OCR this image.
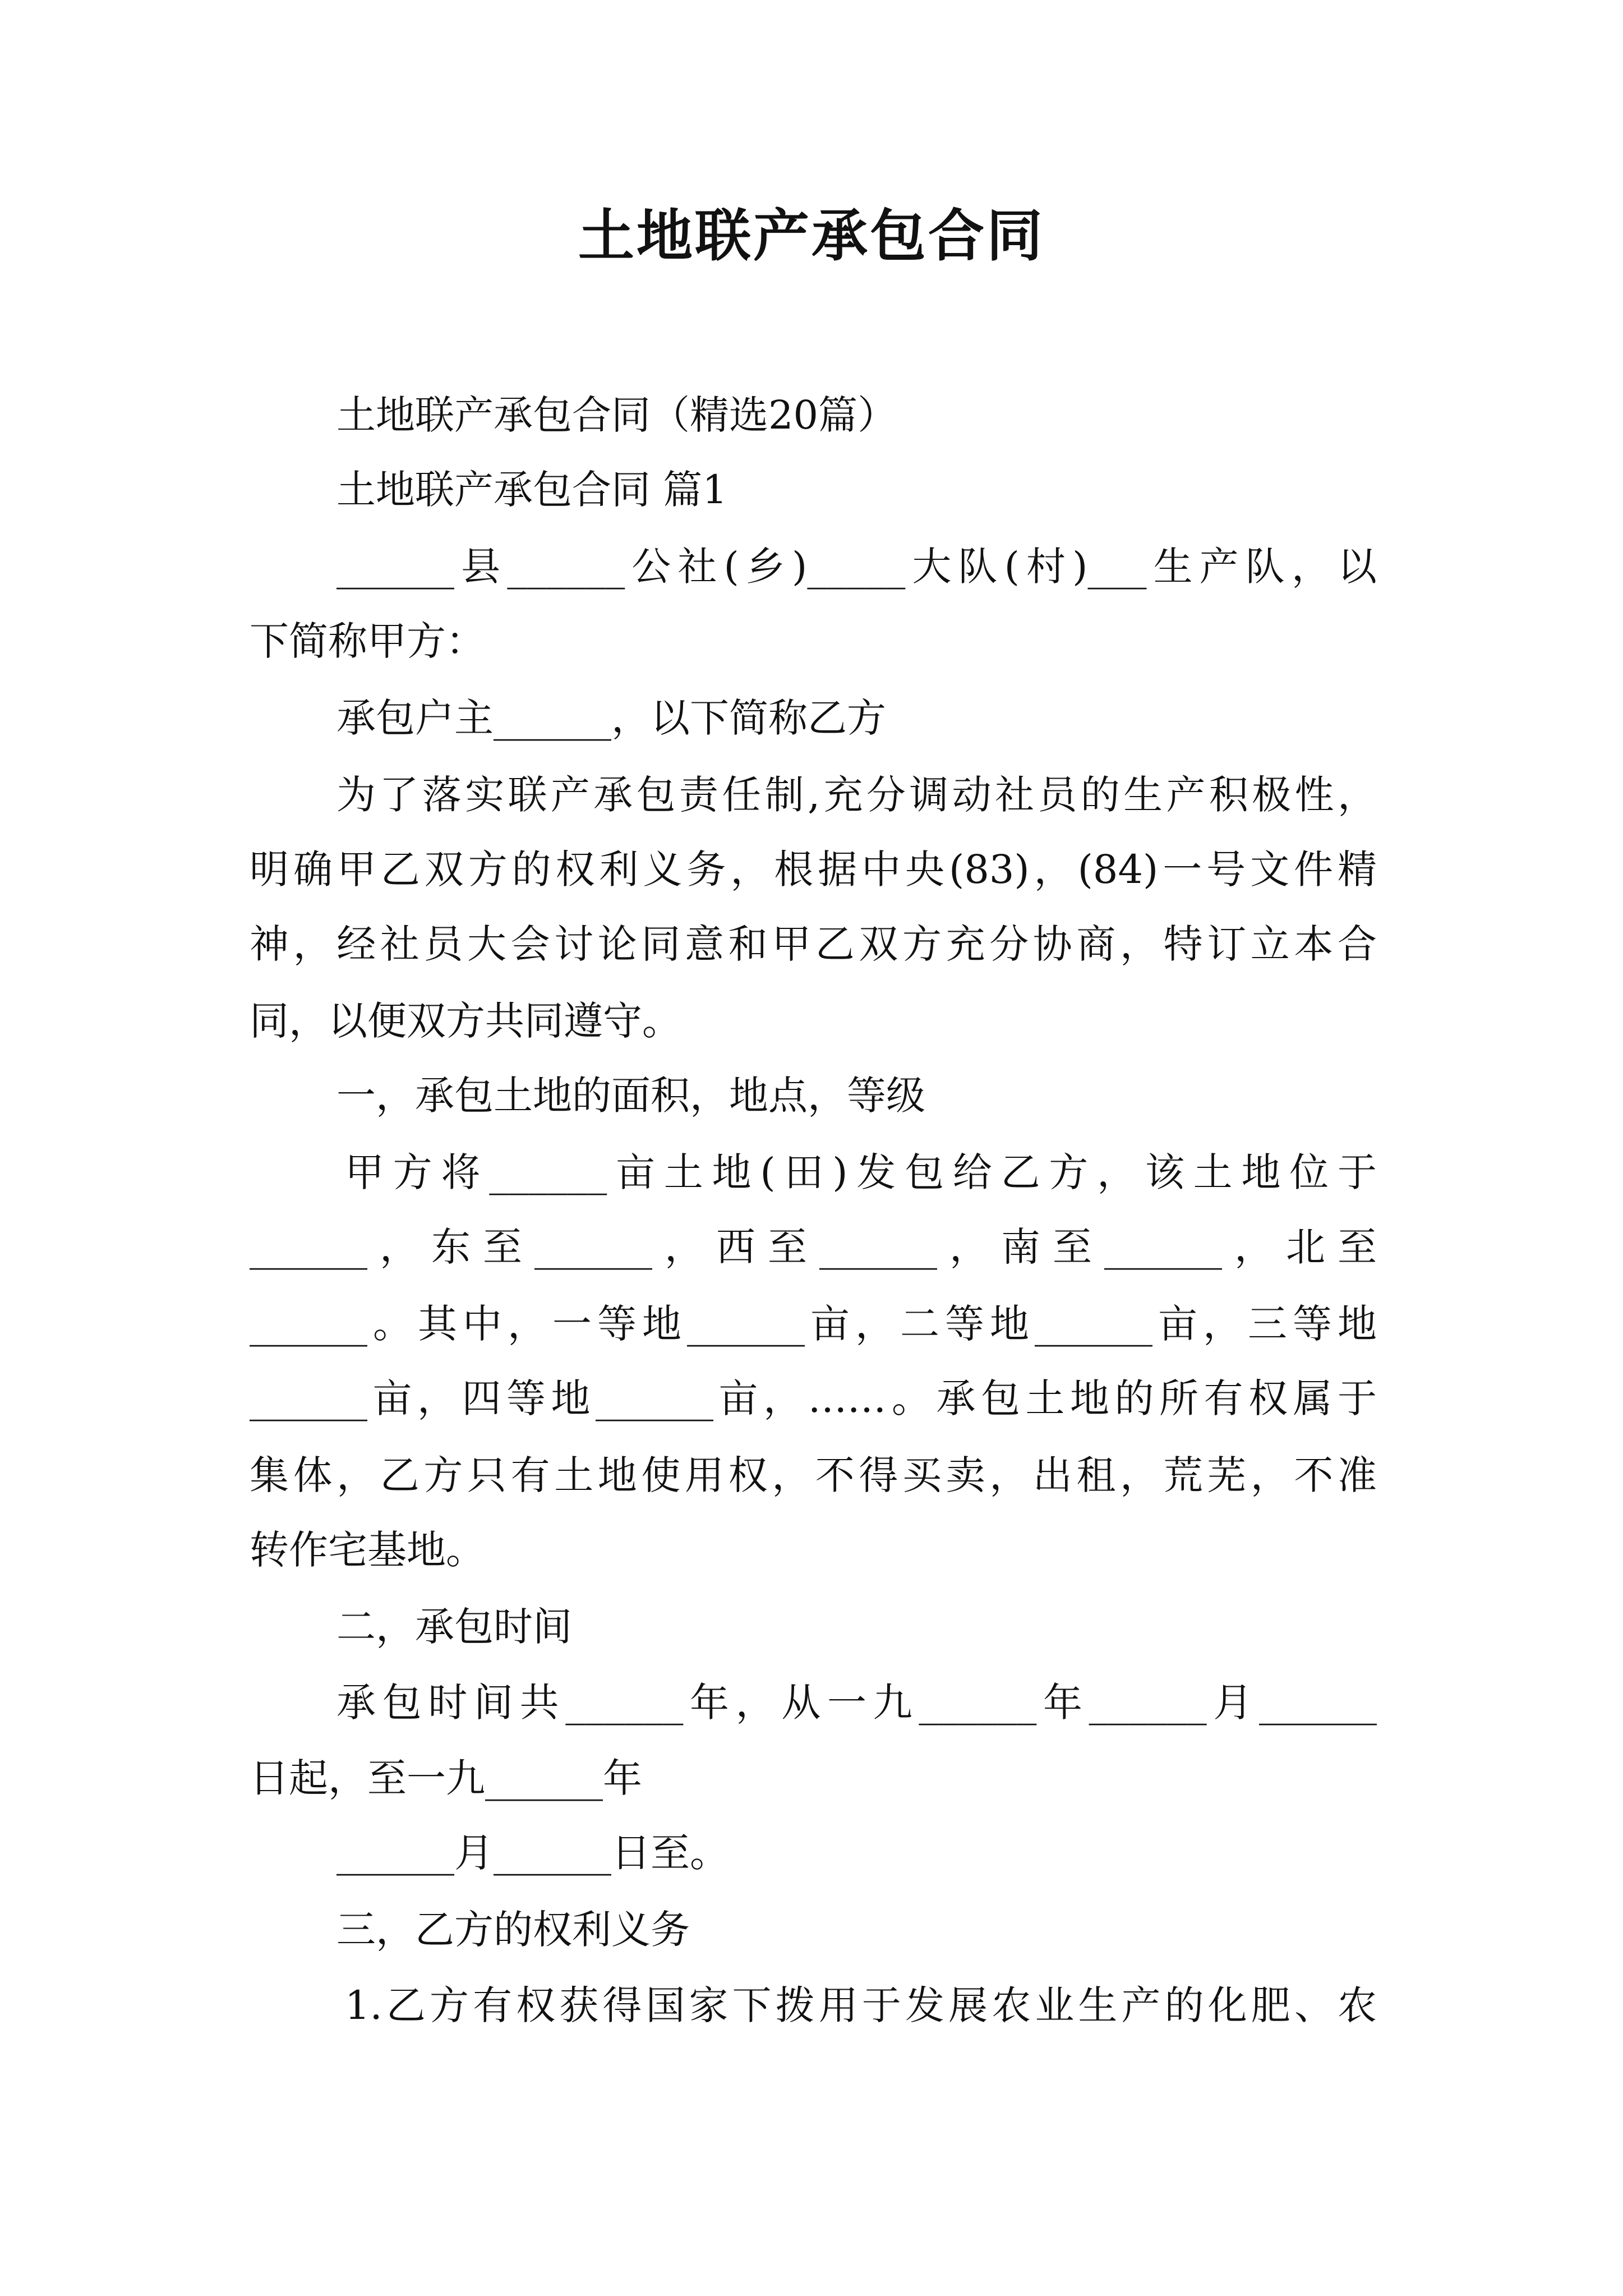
土地联产承包合同
土地联产承包合同（精选20篇）
土地联产承包合同 篇1
______县______公社(乡)_____大队(村)___生产队，以
下简称甲方：
承包户主______，以下简称乙方
为了落实联产承包责任制,充分调动社员的生产积极性，
明确甲乙双方的权利义务，根据中央(83)，(84)一号文件精
神，经社员大会讨论同意和甲乙双方充分协商，特订立本合
同，以便双方共同遵守。
一，承包土地的面积，地点，等级
甲方将______亩土地(田)发包给乙方，该土地位于
______，东至______，西至______，南至______，北至
______。其中，一等地______亩，二等地______亩，三等地
______亩，四等地______亩，……。承包土地的所有权属于
集体，乙方只有土地使用权，不得买卖，出租，荒芜，不准
转作宅基地。
二，承包时间
承包时间共______年，从一九______年______月______
日起，至一九______年
______月______日至。
三，乙方的权利义务
1.乙方有权获得国家下拨用于发展农业生产的化肥、农
